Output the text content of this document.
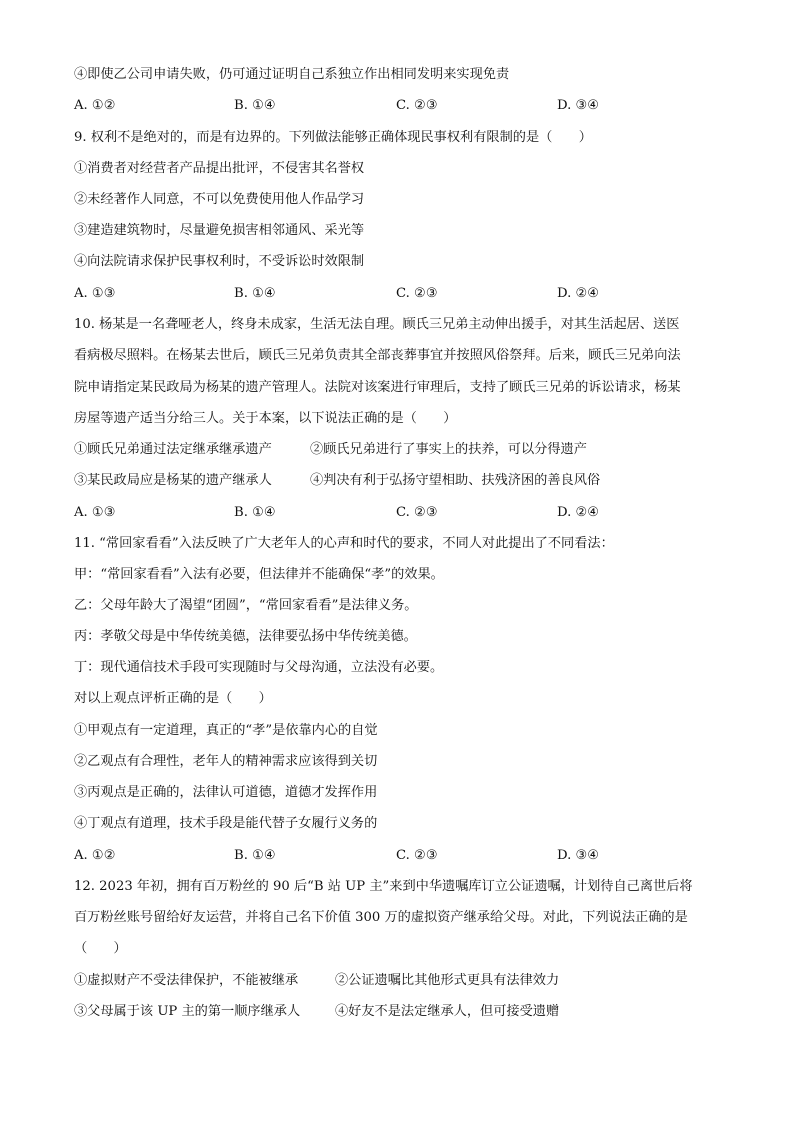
④即使乙公司申请失败，仍可通过证明自己系独立作出相同发明来实现免责
A. ①②	B. ①④	C. ②③	D. ③④
9. 权利不是绝对的，而是有边界的。下列做法能够正确体现民事权利有限制的是（　　）
①消费者对经营者产品提出批评，不侵害其名誉权
②未经著作人同意，不可以免费使用他人作品学习
③建造建筑物时，尽量避免损害相邻通风、采光等
④向法院请求保护民事权利时，不受诉讼时效限制
A. ①③	B. ①④	C. ②③	D. ②④
10. 杨某是一名聋哑老人，终身未成家，生活无法自理。顾氏三兄弟主动伸出援手，对其生活起居、送医
看病极尽照料。在杨某去世后，顾氏三兄弟负责其全部丧葬事宜并按照风俗祭拜。后来，顾氏三兄弟向法
院申请指定某民政局为杨某的遗产管理人。法院对该案进行审理后，支持了顾氏三兄弟的诉讼请求，杨某
房屋等遗产适当分给三人。关于本案，以下说法正确的是（　　）
①顾氏兄弟通过法定继承继承遗产	②顾氏兄弟进行了事实上的扶养，可以分得遗产
③某民政局应是杨某的遗产继承人	④判决有利于弘扬守望相助、扶残济困的善良风俗
A. ①③	B. ①④	C. ②③	D. ②④
11. “常回家看看”入法反映了广大老年人的心声和时代的要求，不同人对此提出了不同看法：
甲：“常回家看看”入法有必要，但法律并不能确保“孝”的效果。
乙：父母年龄大了渴望“团圆”，“常回家看看”是法律义务。
丙：孝敬父母是中华传统美德，法律要弘扬中华传统美德。
丁：现代通信技术手段可实现随时与父母沟通，立法没有必要。
对以上观点评析正确的是（　　）
①甲观点有一定道理，真正的“孝”是依靠内心的自觉
②乙观点有合理性，老年人的精神需求应该得到关切
③丙观点是正确的，法律认可道德，道德才发挥作用
④丁观点有道理，技术手段是能代替子女履行义务的
A. ①②	B. ①④	C. ②③	D. ③④
12. 2023 年初，拥有百万粉丝的 90 后“B 站 UP 主”来到中华遗嘱库订立公证遗嘱，计划待自己离世后将
百万粉丝账号留给好友运营，并将自己名下价值 300 万的虚拟资产继承给父母。对此，下列说法正确的是
（　　）
①虚拟财产不受法律保护，不能被继承	②公证遗嘱比其他形式更具有法律效力
③父母属于该 UP 主的第一顺序继承人	④好友不是法定继承人，但可接受遗赠
